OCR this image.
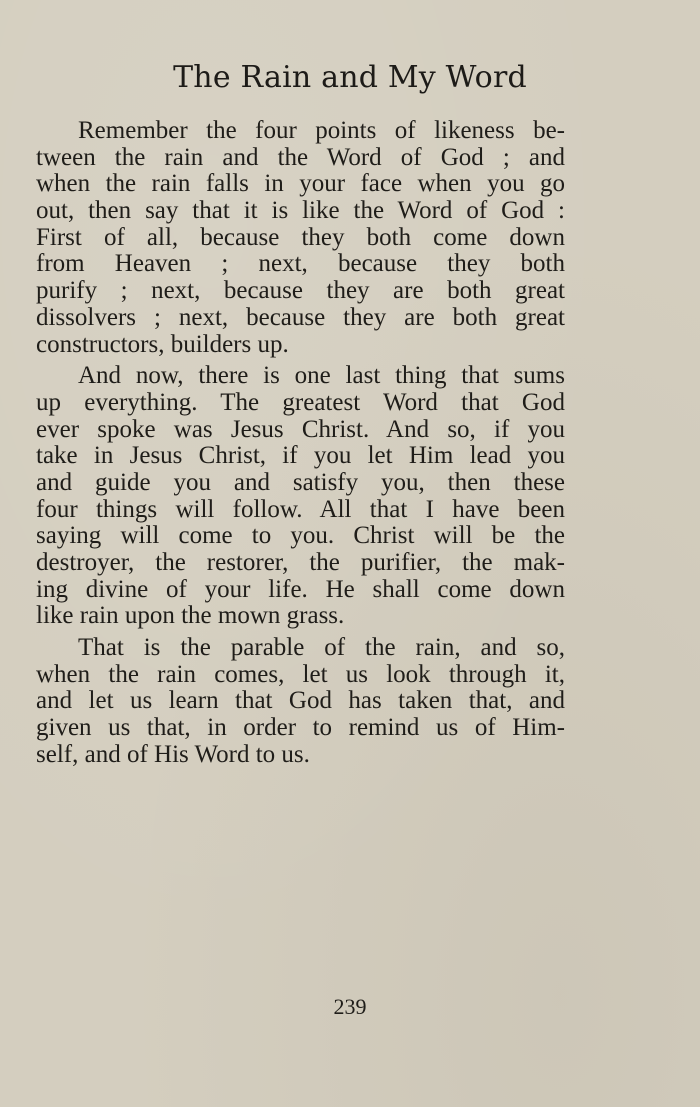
The Rain and My Word
Remember the four points of likeness be-
tween the rain and the Word of God ; and
when the rain falls in your face when you go
out, then say that it is like the Word of God :
First of all, because they both come down
from Heaven ; next, because they both
purify ; next, because they are both great
dissolvers ; next, because they are both great
constructors, builders up.
And now, there is one last thing that sums
up everything. The greatest Word that God
ever spoke was Jesus Christ. And so, if you
take in Jesus Christ, if you let Him lead you
and guide you and satisfy you, then these
four things will follow. All that I have been
saying will come to you. Christ will be the
destroyer, the restorer, the purifier, the mak-
ing divine of your life. He shall come down
like rain upon the mown grass.
That is the parable of the rain, and so,
when the rain comes, let us look through it,
and let us learn that God has taken that, and
given us that, in order to remind us of Him-
self, and of His Word to us.
239
